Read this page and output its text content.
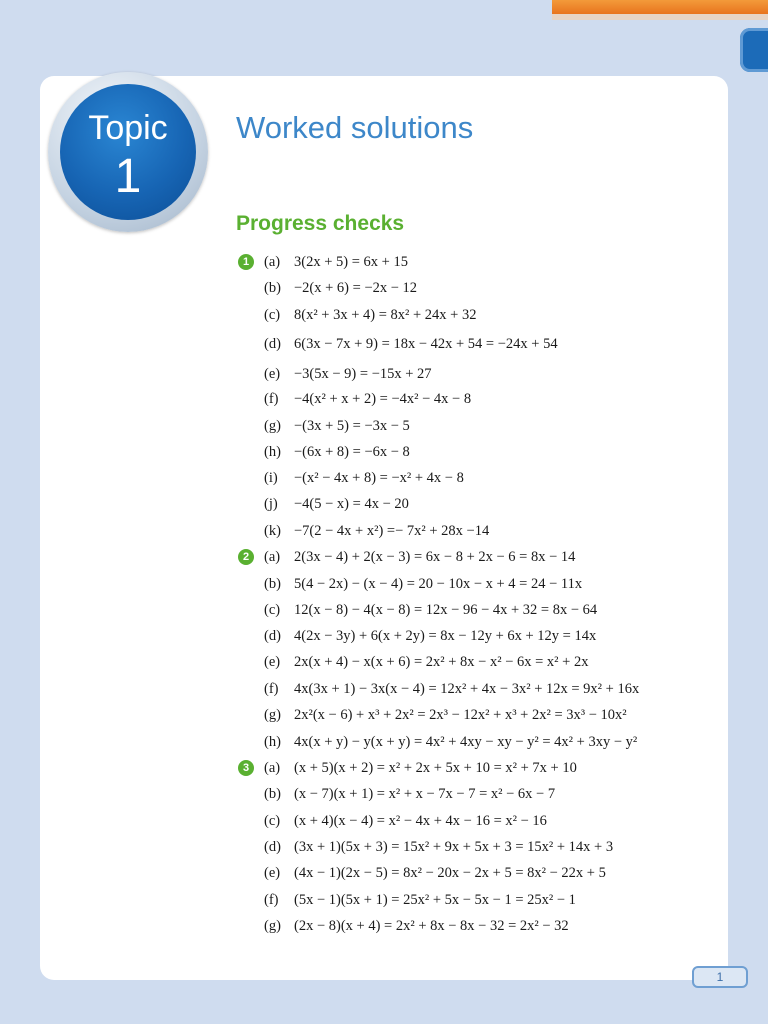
Topic
1
Worked solutions
Progress checks
1	(a) 3(2x + 5) = 6x + 15
(b) −2(x + 6) = −2x − 12
(c) 8(x² + 3x + 4) = 8x² + 24x + 32
(d) 6(3x − 7x + 9) = 18x − 42x + 54 = −24x + 54
(e) −3(5x − 9) = −15x + 27
(f) −4(x² + x + 2) = −4x² − 4x − 8
(g) −(3x + 5) = −3x − 5
(h) −(6x + 8) = −6x − 8
(i) −(x² − 4x + 8) = −x² + 4x − 8
(j) −4(5 − x) = 4x − 20
(k) −7(2 − 4x + x²) =− 7x² + 28x −14
2	(a) 2(3x − 4) + 2(x − 3) = 6x − 8 + 2x − 6 = 8x − 14
(b) 5(4 − 2x) − (x − 4) = 20 − 10x − x + 4 = 24 − 11x
(c) 12(x − 8) − 4(x − 8) = 12x − 96 − 4x + 32 = 8x − 64
(d) 4(2x − 3y) + 6(x + 2y) = 8x − 12y + 6x + 12y = 14x
(e) 2x(x + 4) − x(x + 6) = 2x² + 8x − x² − 6x = x² + 2x
(f) 4x(3x + 1) − 3x(x − 4) = 12x² + 4x − 3x² + 12x = 9x² + 16x
(g) 2x²(x − 6) + x³ + 2x² = 2x³ − 12x² + x³ + 2x² = 3x³ − 10x²
(h) 4x(x + y) − y(x + y) = 4x² + 4xy − xy − y² = 4x² + 3xy − y²
3	(a) (x + 5)(x + 2) = x² + 2x + 5x + 10 = x² + 7x + 10
(b) (x − 7)(x + 1) = x² + x − 7x − 7 = x² − 6x − 7
(c) (x + 4)(x − 4) = x² − 4x + 4x − 16 = x² − 16
(d) (3x + 1)(5x + 3) = 15x² + 9x + 5x + 3 = 15x² + 14x + 3
(e) (4x − 1)(2x − 5) = 8x² − 20x − 2x + 5 = 8x² − 22x + 5
(f) (5x − 1)(5x + 1) = 25x² + 5x − 5x − 1 = 25x² − 1
(g) (2x − 8)(x + 4) = 2x² + 8x − 8x − 32 = 2x² − 32
1
